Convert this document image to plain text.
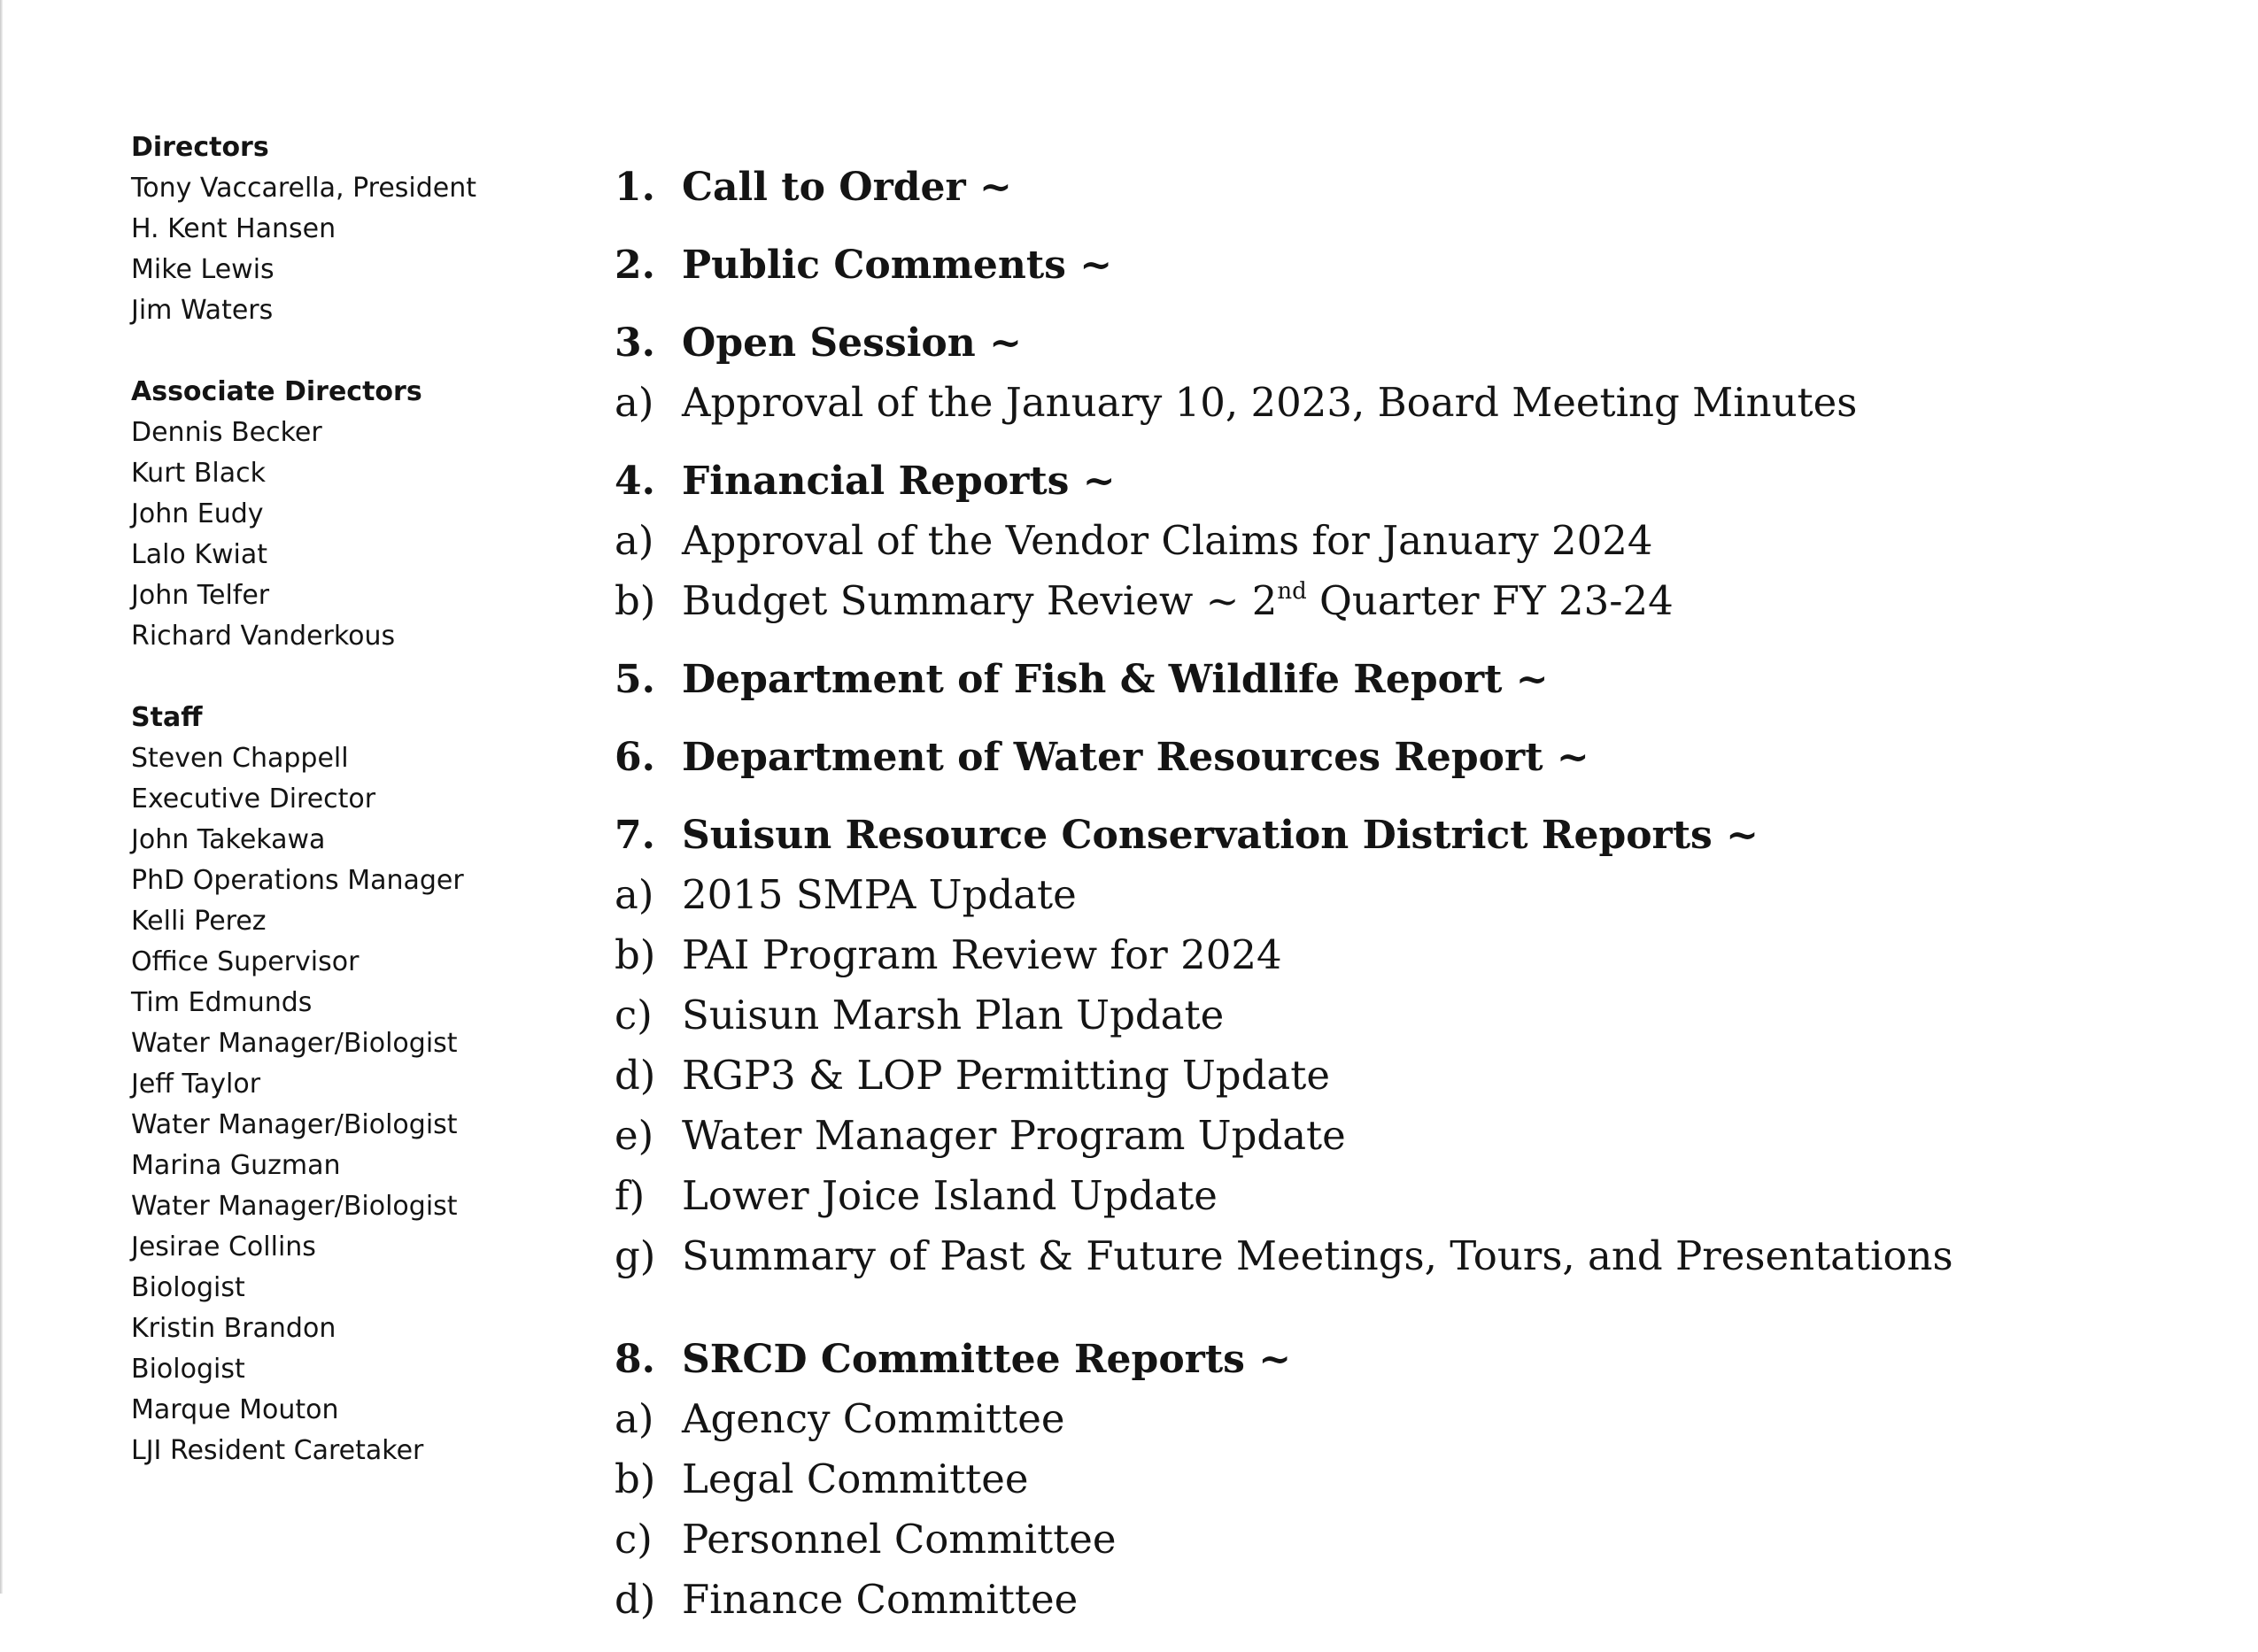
Directors
Tony Vaccarella, President
H. Kent Hansen
Mike Lewis
Jim Waters
Associate Directors
Dennis Becker
Kurt Black
John Eudy
Lalo Kwiat
John Telfer
Richard Vanderkous
Staff
Steven Chappell
Executive Director
John Takekawa
PhD Operations Manager
Kelli Perez
Office Supervisor
Tim Edmunds
Water Manager/Biologist
Jeff Taylor
Water Manager/Biologist
Marina Guzman
Water Manager/Biologist
Jesirae Collins
Biologist
Kristin Brandon
Biologist
Marque Mouton
LJI Resident Caretaker
1. Call to Order ~
2. Public Comments ~
3. Open Session ~
a) Approval of the January 10, 2023, Board Meeting Minutes
4. Financial Reports ~
a) Approval of the Vendor Claims for January 2024
b) Budget Summary Review ~ 2nd Quarter FY 23-24
5. Department of Fish & Wildlife Report ~
6. Department of Water Resources Report ~
7. Suisun Resource Conservation District Reports ~
a) 2015 SMPA Update
b) PAI Program Review for 2024
c) Suisun Marsh Plan Update
d) RGP3 & LOP Permitting Update
e) Water Manager Program Update
f) Lower Joice Island Update
g) Summary of Past & Future Meetings, Tours, and Presentations
8. SRCD Committee Reports ~
a) Agency Committee
b) Legal Committee
c) Personnel Committee
d) Finance Committee
